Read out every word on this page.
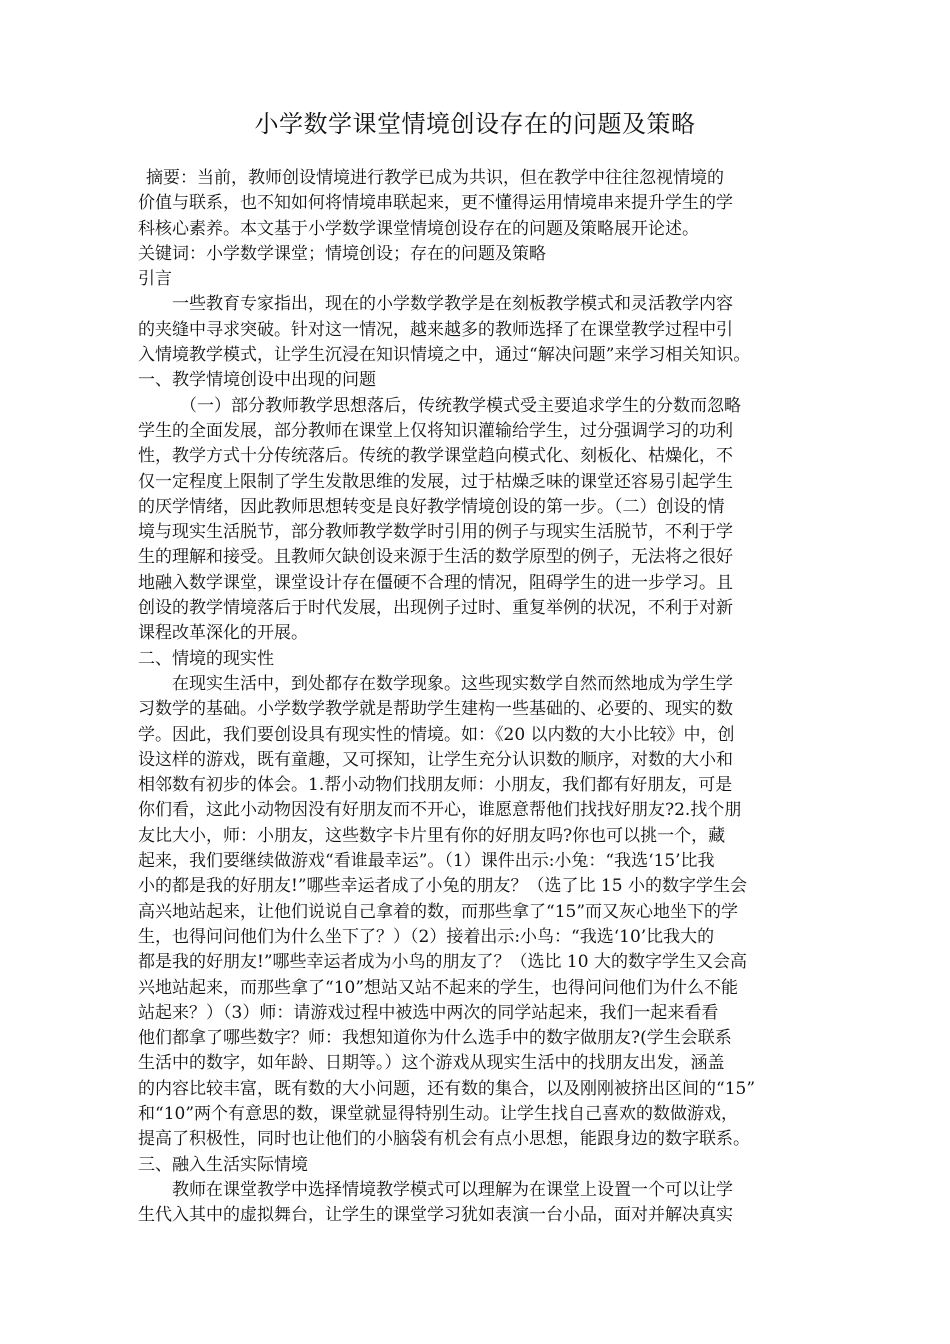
小学数学课堂情境创设存在的问题及策略
摘要：当前，教师创设情境进行教学已成为共识，但在教学中往往忽视情境的
价值与联系，也不知如何将情境串联起来，更不懂得运用情境串来提升学生的学
科核心素养。本文基于小学数学课堂情境创设存在的问题及策略展开论述。
关键词：小学数学课堂；情境创设；存在的问题及策略
引言
一些教育专家指出，现在的小学数学教学是在刻板教学模式和灵活教学内容
的夹缝中寻求突破。针对这一情况，越来越多的教师选择了在课堂教学过程中引
入情境教学模式，让学生沉浸在知识情境之中，通过“解决问题”来学习相关知识。
一、教学情境创设中出现的问题
（一）部分教师教学思想落后，传统教学模式受主要追求学生的分数而忽略
学生的全面发展，部分教师在课堂上仅将知识灌输给学生，过分强调学习的功利
性，教学方式十分传统落后。传统的教学课堂趋向模式化、刻板化、枯燥化，不
仅一定程度上限制了学生发散思维的发展，过于枯燥乏味的课堂还容易引起学生
的厌学情绪，因此教师思想转变是良好教学情境创设的第一步。（二）创设的情
境与现实生活脱节，部分教师教学数学时引用的例子与现实生活脱节，不利于学
生的理解和接受。且教师欠缺创设来源于生活的数学原型的例子，无法将之很好
地融入数学课堂，课堂设计存在僵硬不合理的情况，阻碍学生的进一步学习。且
创设的教学情境落后于时代发展，出现例子过时、重复举例的状况，不利于对新
课程改革深化的开展。
二、情境的现实性
在现实生活中，到处都存在数学现象。这些现实数学自然而然地成为学生学
习数学的基础。小学数学教学就是帮助学生建构一些基础的、必要的、现实的数
学。因此，我们要创设具有现实性的情境。如：《20 以内数的大小比较》中，创
设这样的游戏，既有童趣，又可探知，让学生充分认识数的顺序，对数的大小和
相邻数有初步的体会。1.帮小动物们找朋友师：小朋友，我们都有好朋友，可是
你们看，这此小动物因没有好朋友而不开心，谁愿意帮他们找找好朋友?2.找个朋
友比大小，师：小朋友，这些数字卡片里有你的好朋友吗?你也可以挑一个，藏
起来，我们要继续做游戏“看谁最幸运”。（1）课件出示:小兔：“我选‘15’比我
小的都是我的好朋友!”哪些幸运者成了小兔的朋友？（选了比 15 小的数字学生会
高兴地站起来，让他们说说自己拿着的数，而那些拿了“15”而又灰心地坐下的学
生，也得问问他们为什么坐下了？）（2）接着出示:小鸟：“我选‘10’比我大的
都是我的好朋友!”哪些幸运者成为小鸟的朋友了？（选比 10 大的数字学生又会高
兴地站起来，而那些拿了“10”想站又站不起来的学生，也得问问他们为什么不能
站起来？）（3）师：请游戏过程中被选中两次的同学站起来，我们一起来看看
他们都拿了哪些数字？师：我想知道你为什么选手中的数字做朋友?(学生会联系
生活中的数字，如年龄、日期等。）这个游戏从现实生活中的找朋友出发，涵盖
的内容比较丰富，既有数的大小问题，还有数的集合，以及刚刚被挤出区间的“15”
和“10”两个有意思的数，课堂就显得特别生动。让学生找自己喜欢的数做游戏，
提高了积极性，同时也让他们的小脑袋有机会有点小思想，能跟身边的数字联系。
三、融入生活实际情境
教师在课堂教学中选择情境教学模式可以理解为在课堂上设置一个可以让学
生代入其中的虚拟舞台，让学生的课堂学习犹如表演一台小品，面对并解决真实
